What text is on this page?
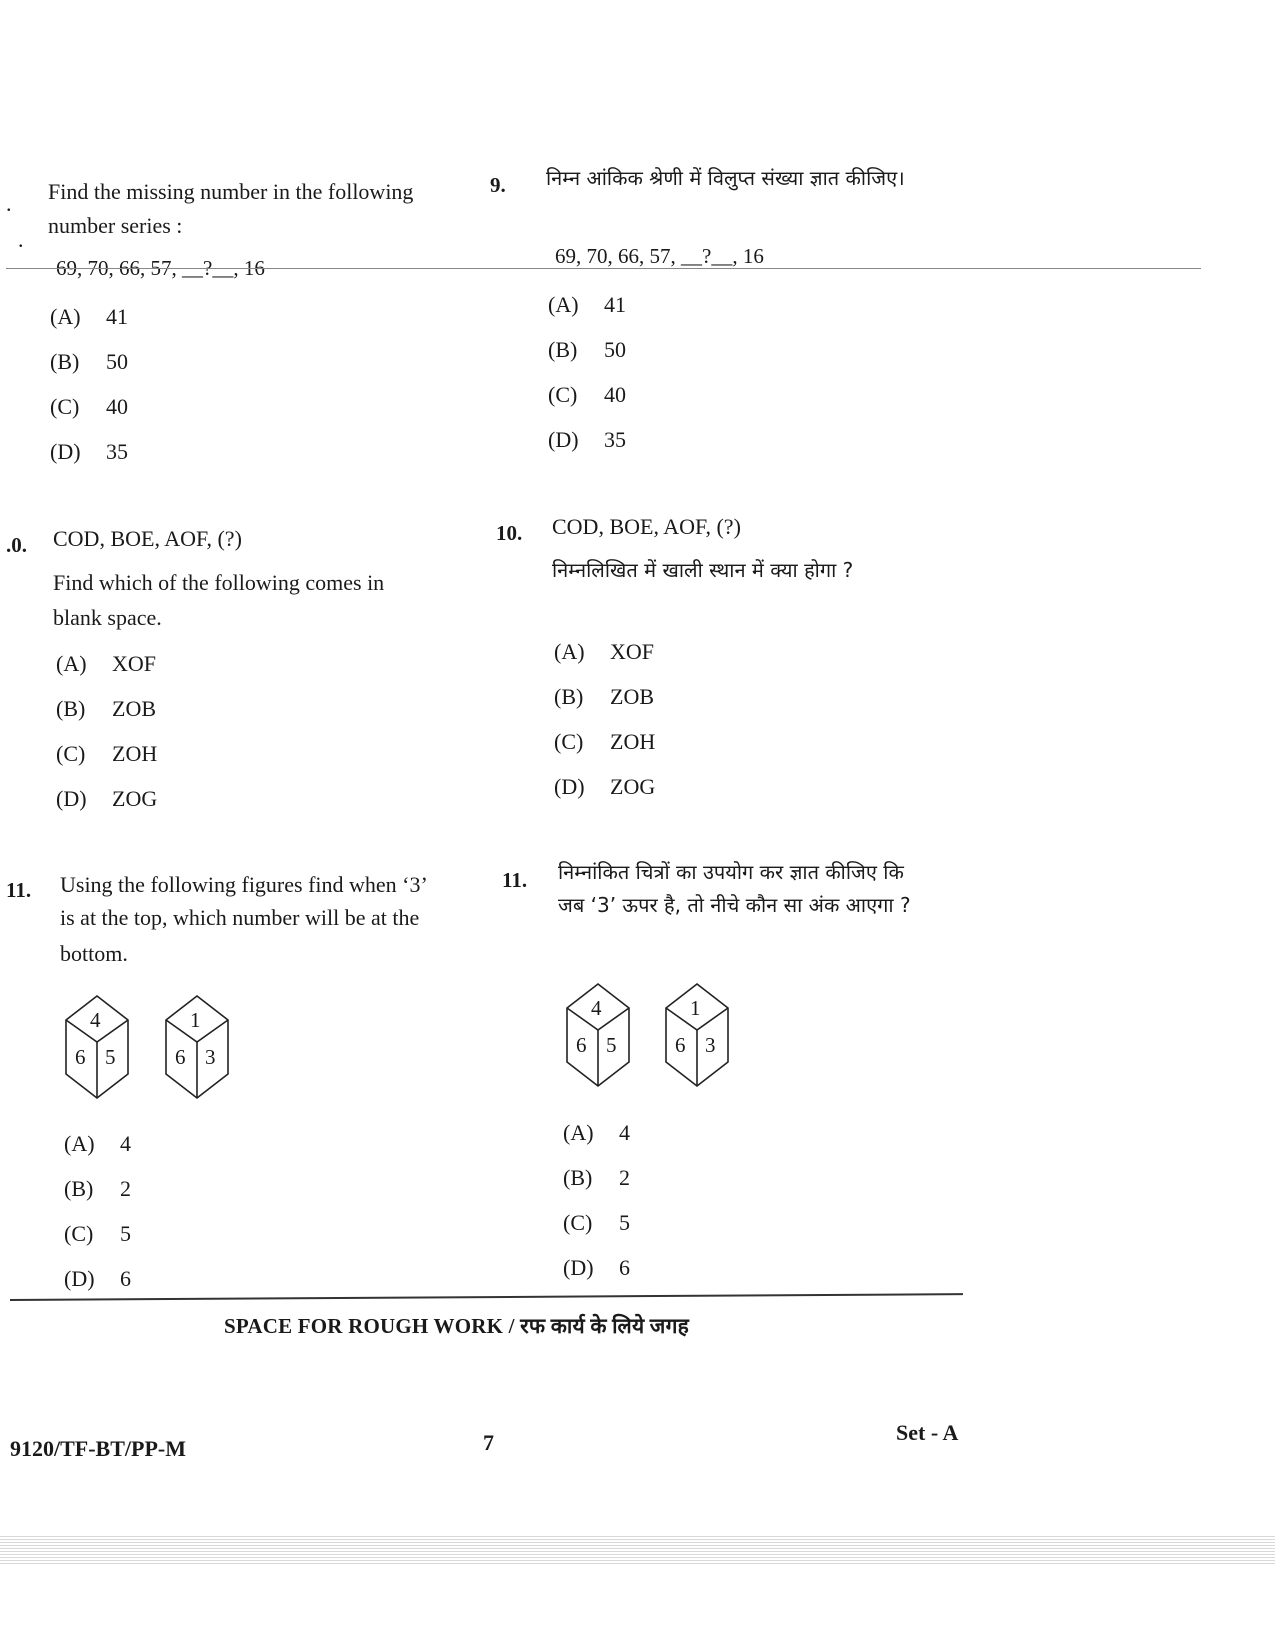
.
.
Find the missing number in the following
number series :
69, 70, 66, 57, __?__, 16
(A) 41
(B) 50
(C) 40
(D) 35
9. निम्न आंकिक श्रेणी में विलुप्त संख्या ज्ञात कीजिए।
69, 70, 66, 57, __?__, 16
(A) 41
(B) 50
(C) 40
(D) 35
.0. COD, BOE, AOF, (?)
Find which of the following comes in
blank space.
(A) XOF
(B) ZOB
(C) ZOH
(D) ZOG
10. COD, BOE, AOF, (?)
निम्नलिखित में खाली स्थान में क्या होगा ?
(A) XOF
(B) ZOB
(C) ZOH
(D) ZOG
11. Using the following figures find when ‘3’
is at the top, which number will be at the
bottom.
4
6 5
1
6 3
(A) 4
(B) 2
(C) 5
(D) 6
11. निम्नांकित चित्रों का उपयोग कर ज्ञात कीजिए कि
जब ‘3’ ऊपर है, तो नीचे कौन सा अंक आएगा ?
4
6 5
1
6 3
(A) 4
(B) 2
(C) 5
(D) 6
SPACE FOR ROUGH WORK / रफ कार्य के लिये जगह
9120/TF-BT/PP-M	7	Set - A
